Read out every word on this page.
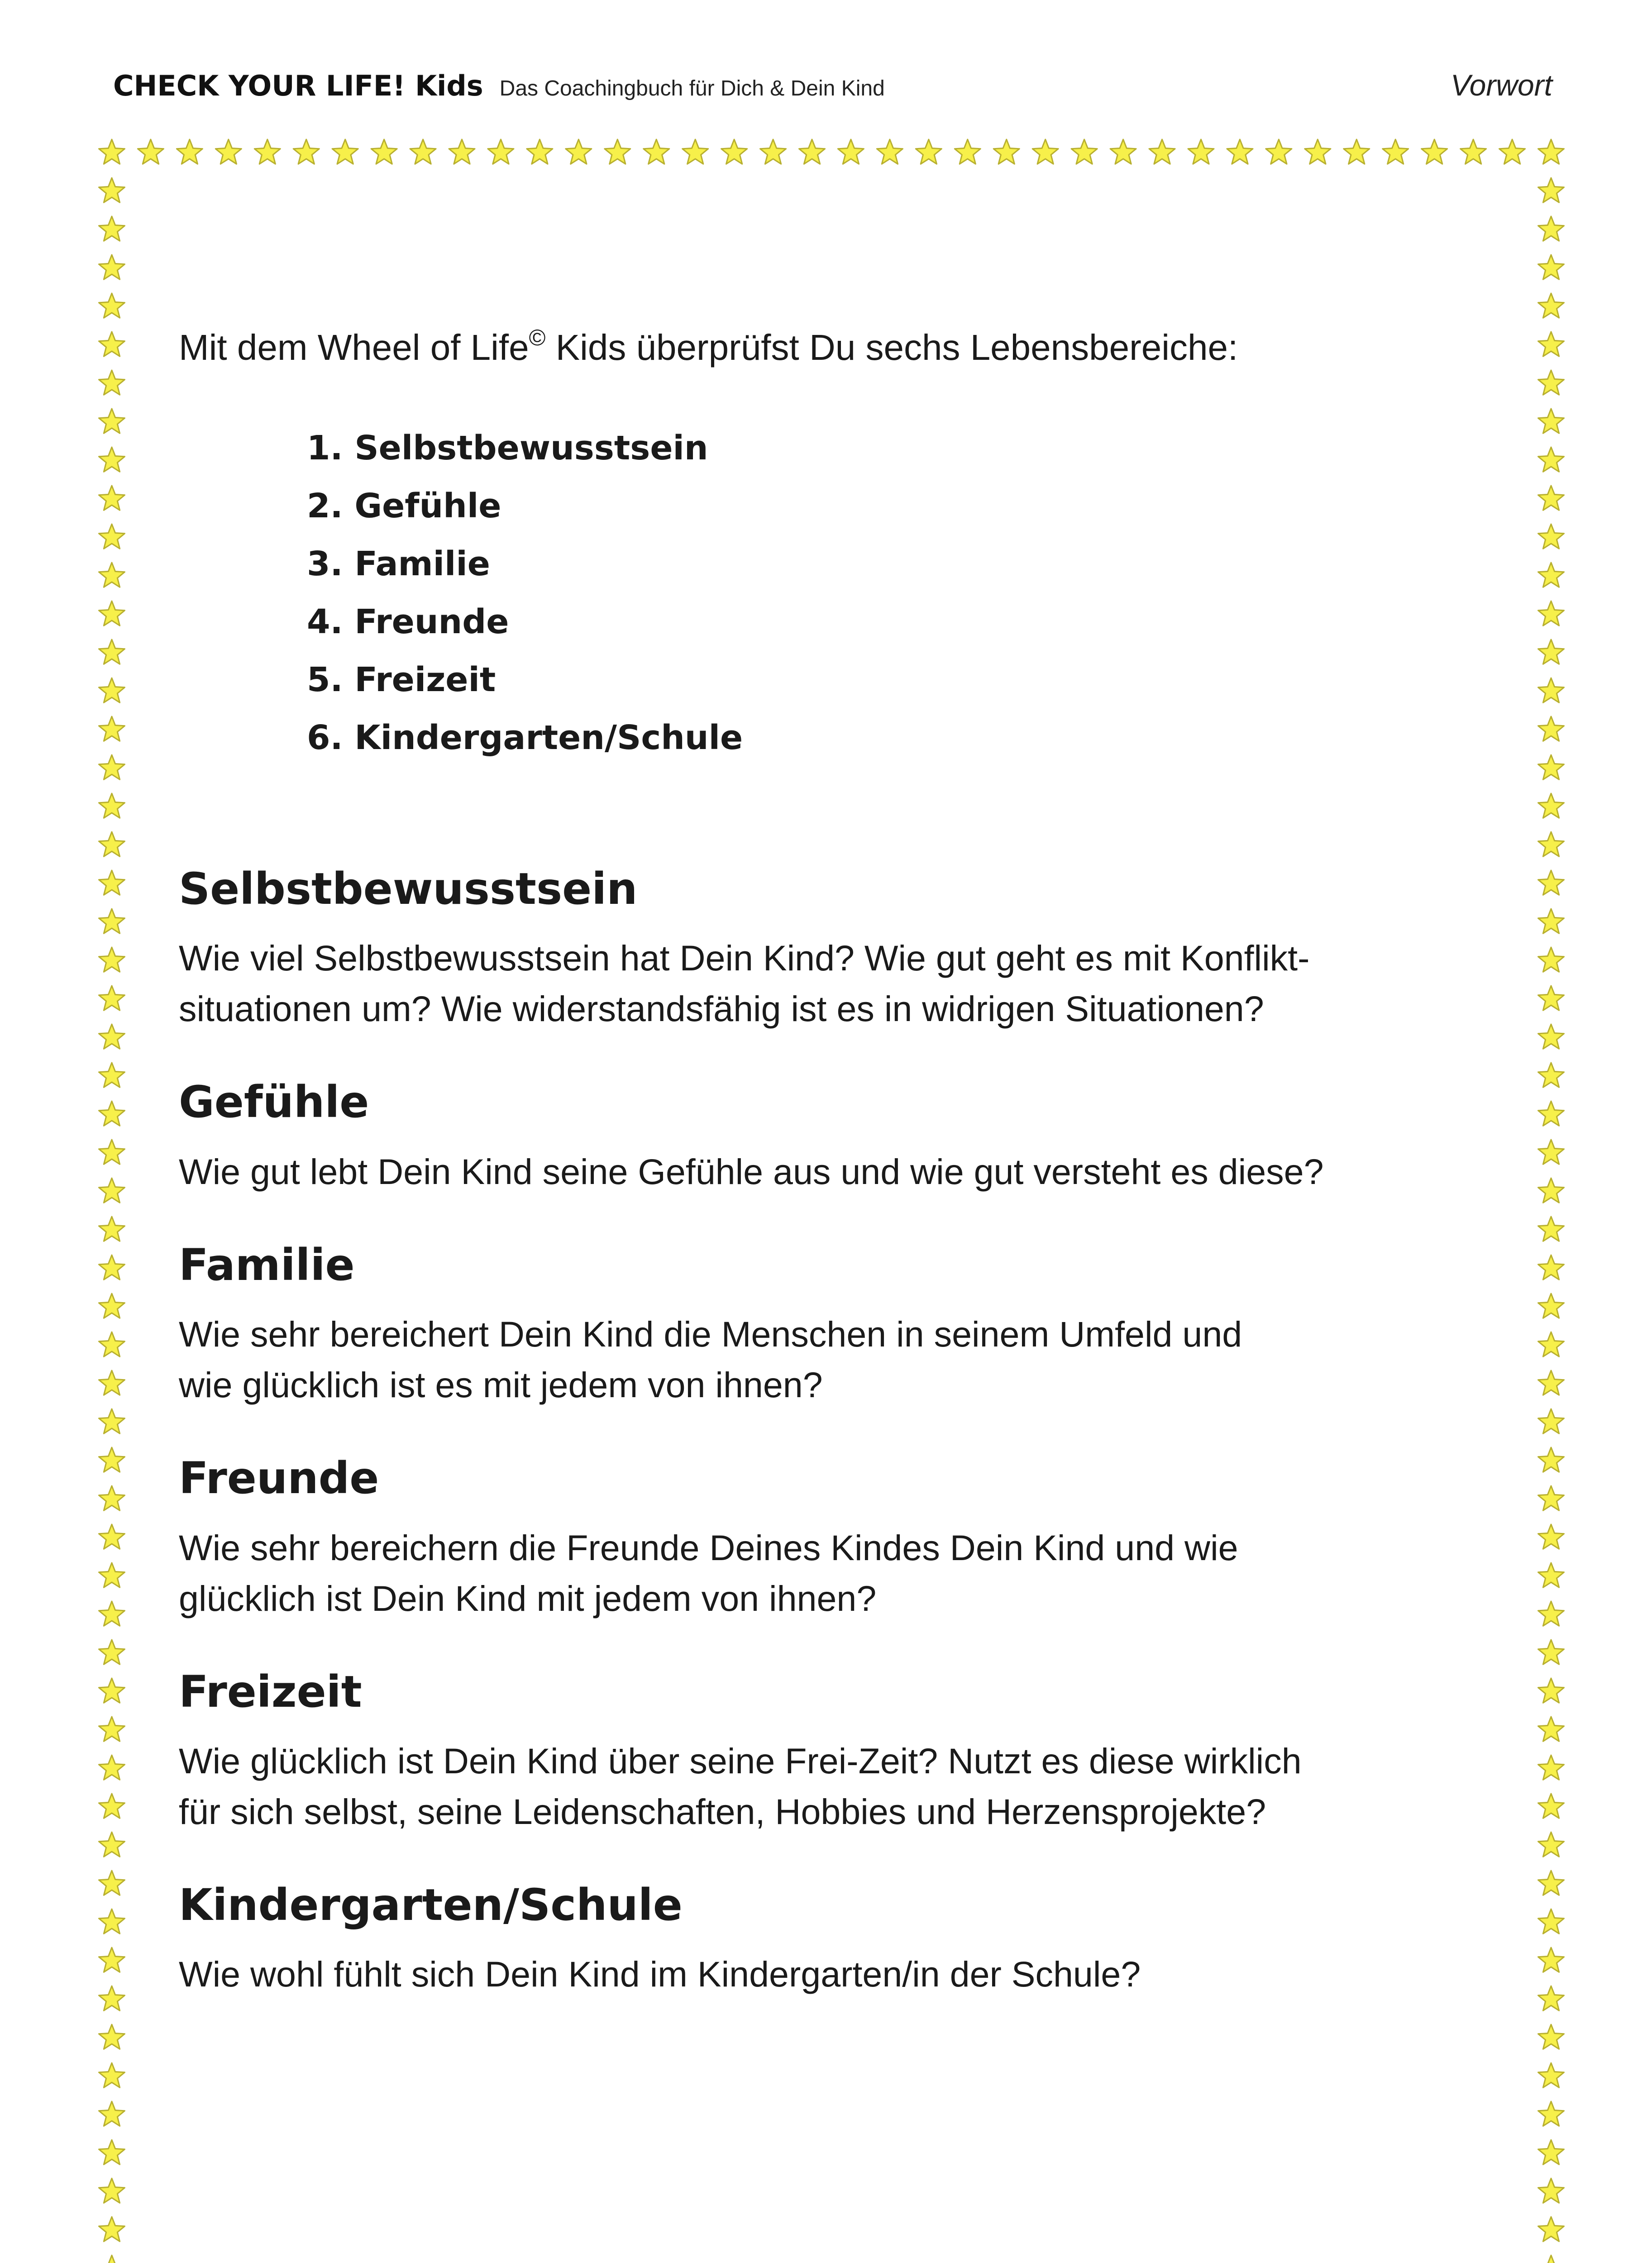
CHECK YOUR LIFE! Kids Das Coachingbuch für Dich & Dein Kind	Vorwort

Mit dem Wheel of Life© Kids überprüfst Du sechs Lebensbereiche:

1. Selbstbewusstsein
2. Gefühle
3. Familie
4. Freunde
5. Freizeit
6. Kindergarten/Schule
Selbstbewusstsein

Wie viel Selbstbewusstsein hat Dein Kind? Wie gut geht es mit Konflikt-
situationen um? Wie widerstandsfähig ist es in widrigen Situationen?

Gefühle

Wie gut lebt Dein Kind seine Gefühle aus und wie gut versteht es diese?

Familie

Wie sehr bereichert Dein Kind die Menschen in seinem Umfeld und
wie glücklich ist es mit jedem von ihnen?

Freunde

Wie sehr bereichern die Freunde Deines Kindes Dein Kind und wie
glücklich ist Dein Kind mit jedem von ihnen?

Freizeit

Wie glücklich ist Dein Kind über seine Frei-Zeit? Nutzt es diese wirklich
für sich selbst, seine Leidenschaften, Hobbies und Herzensprojekte?

Kindergarten/Schule

Wie wohl fühlt sich Dein Kind im Kindergarten/in der Schule?
